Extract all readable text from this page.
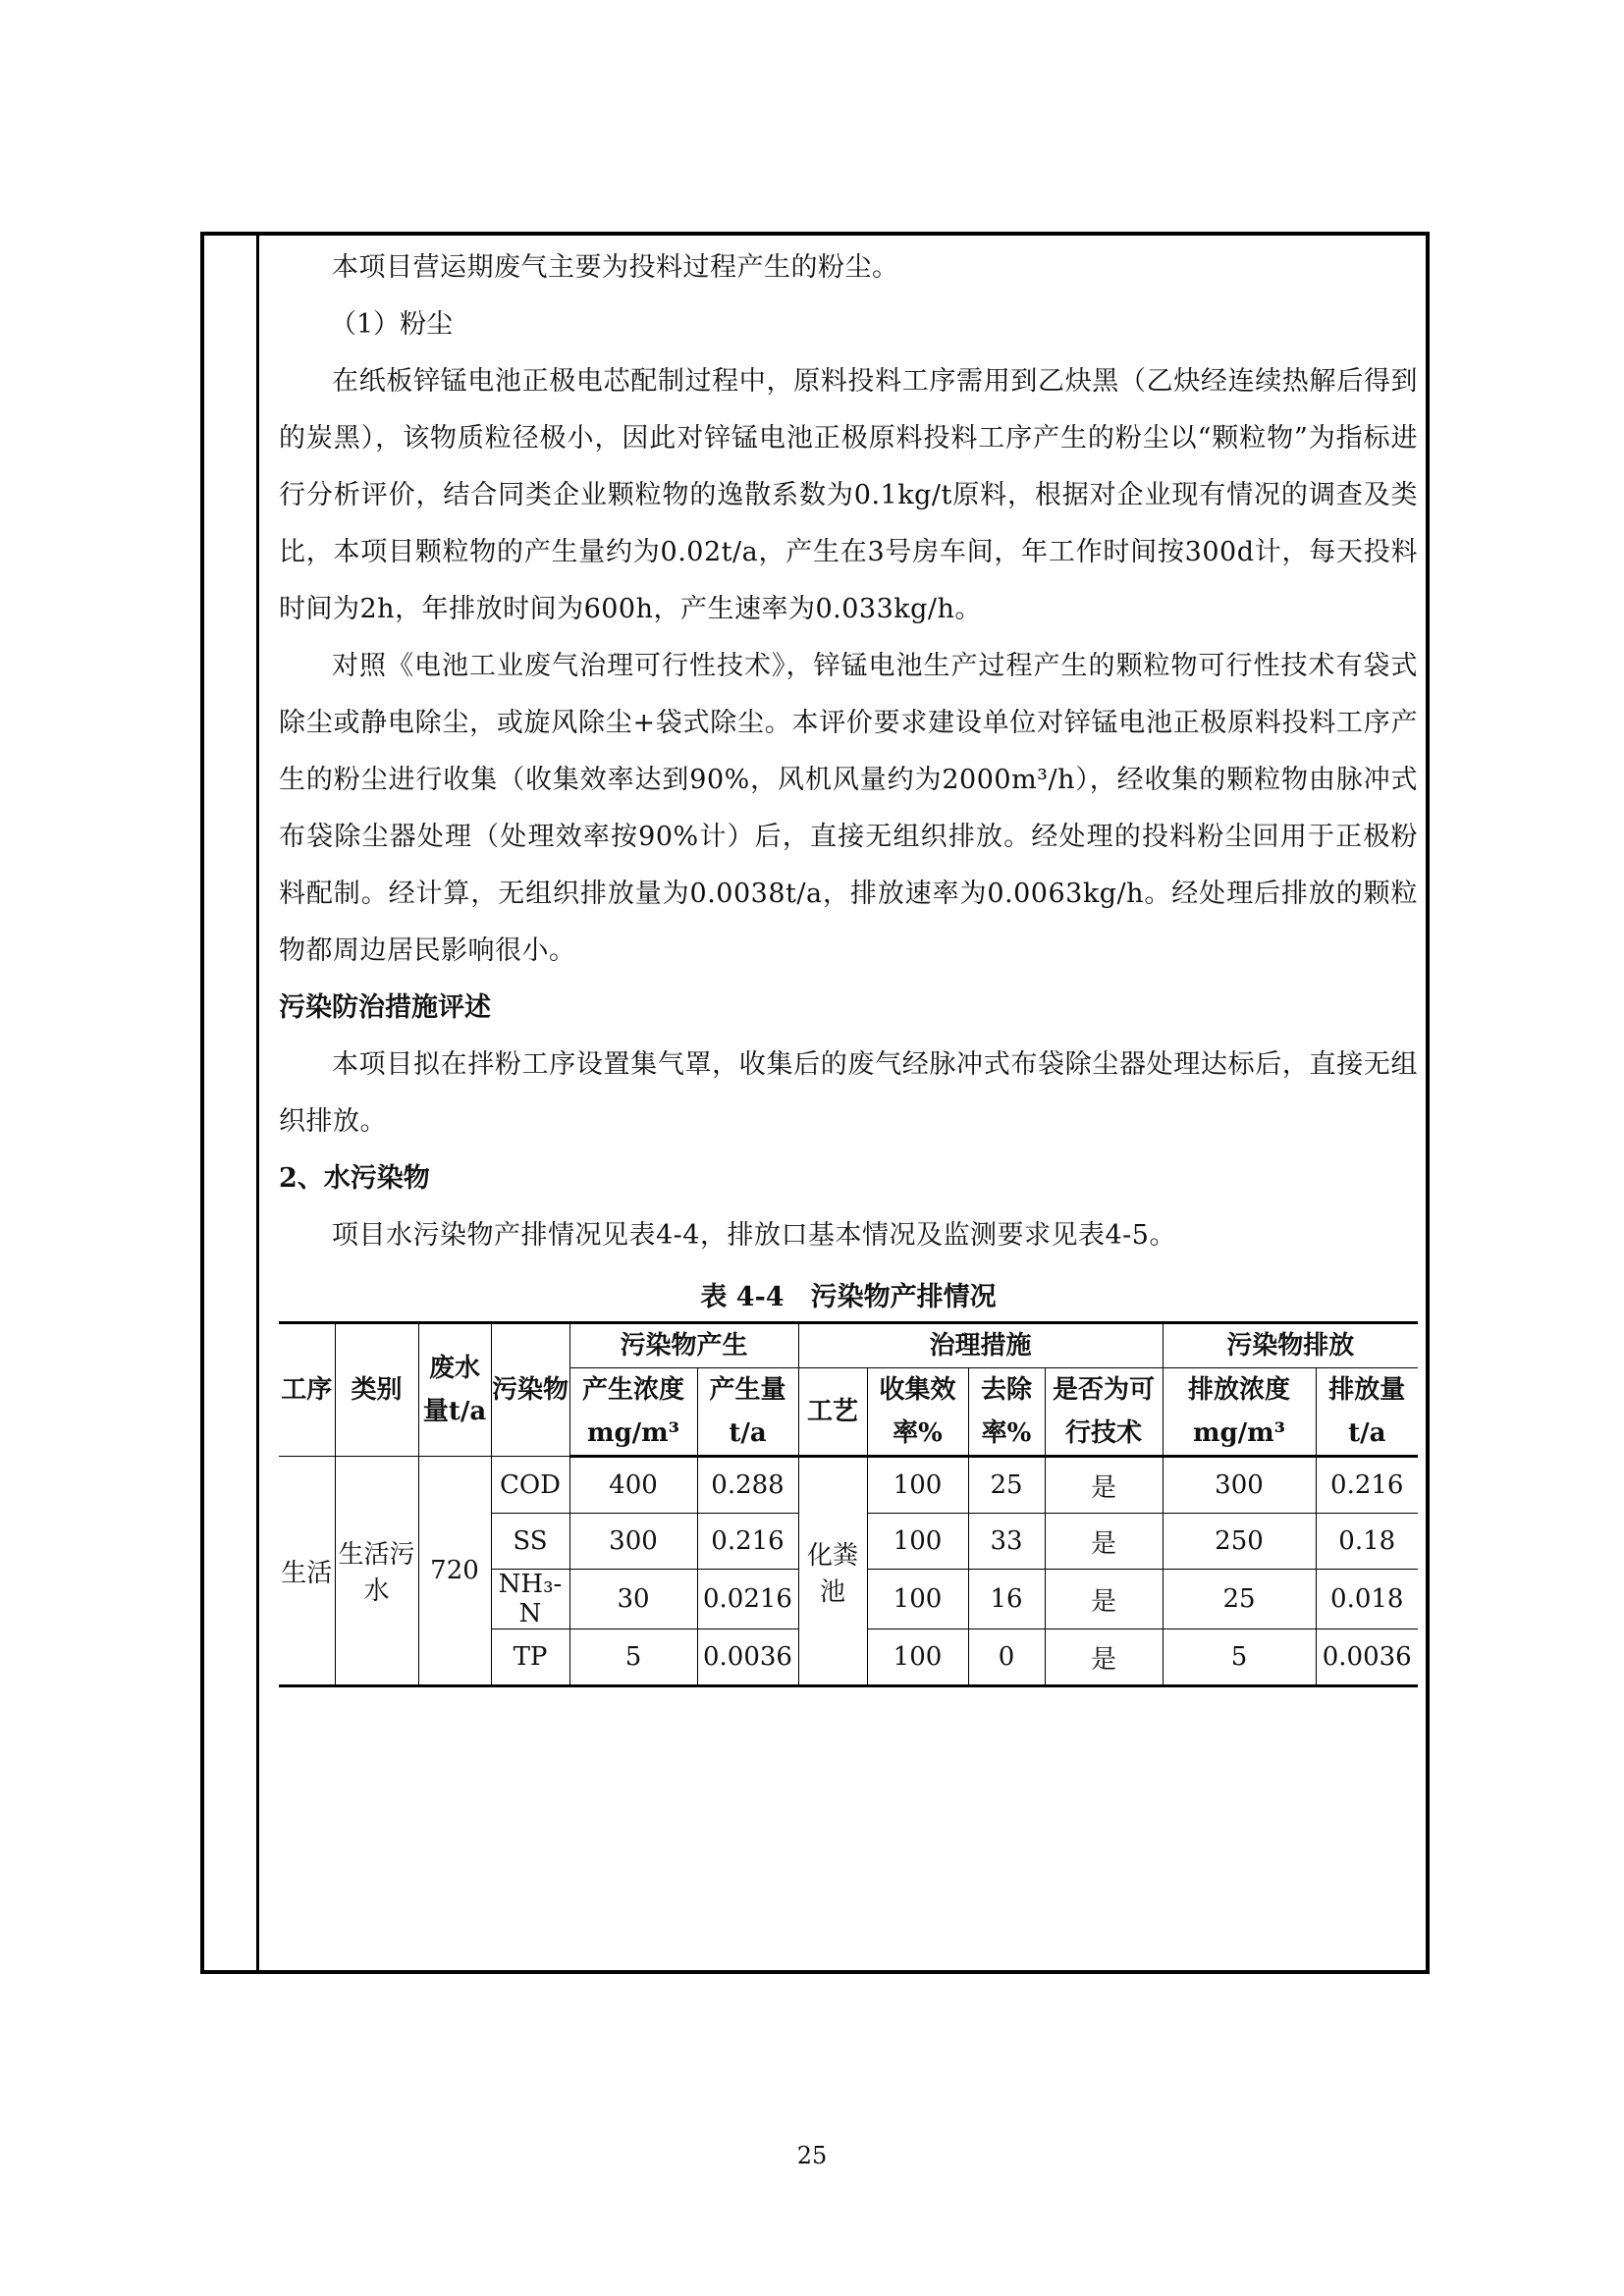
本项目营运期废气主要为投料过程产生的粉尘。

（1）粉尘

在纸板锌锰电池正极电芯配制过程中，原料投料工序需用到乙炔黑（乙炔经连续热解后得到的炭黑），该物质粒径极小，因此对锌锰电池正极原料投料工序产生的粉尘以“颗粒物”为指标进行分析评价，结合同类企业颗粒物的逸散系数为0.1kg/t原料，根据对企业现有情况的调查及类比，本项目颗粒物的产生量约为0.02t/a，产生在3号房车间，年工作时间按300d计，每天投料时间为2h，年排放时间为600h，产生速率为0.033kg/h。

对照《电池工业废气治理可行性技术》，锌锰电池生产过程产生的颗粒物可行性技术有袋式除尘或静电除尘，或旋风除尘+袋式除尘。本评价要求建设单位对锌锰电池正极原料投料工序产生的粉尘进行收集（收集效率达到90%，风机风量约为2000m³/h），经收集的颗粒物由脉冲式布袋除尘器处理（处理效率按90%计）后，直接无组织排放。经处理的投料粉尘回用于正极粉料配制。经计算，无组织排放量为0.0038t/a，排放速率为0.0063kg/h。经处理后排放的颗粒物都周边居民影响很小。

污染防治措施评述

本项目拟在拌粉工序设置集气罩，收集后的废气经脉冲式布袋除尘器处理达标后，直接无组织排放。

2、水污染物

项目水污染物产排情况见表4-4，排放口基本情况及监测要求见表4-5。

表 4-4　污染物产排情况
工序	类别	废水量t/a	污染物	污染物产生		治理措施				污染物排放	
				产生浓度mg/m³	产生量t/a	工艺	收集效率%	去除率%	是否为可行技术	排放浓度mg/m³	排放量t/a
生活	生活污水	720	COD	400	0.288	化粪池	100	25	是	300	0.216
			SS	300	0.216		100	33	是	250	0.18
			NH₃-N	30	0.0216		100	16	是	25	0.018
			TP	5	0.0036		100	0	是	5	0.0036
25
